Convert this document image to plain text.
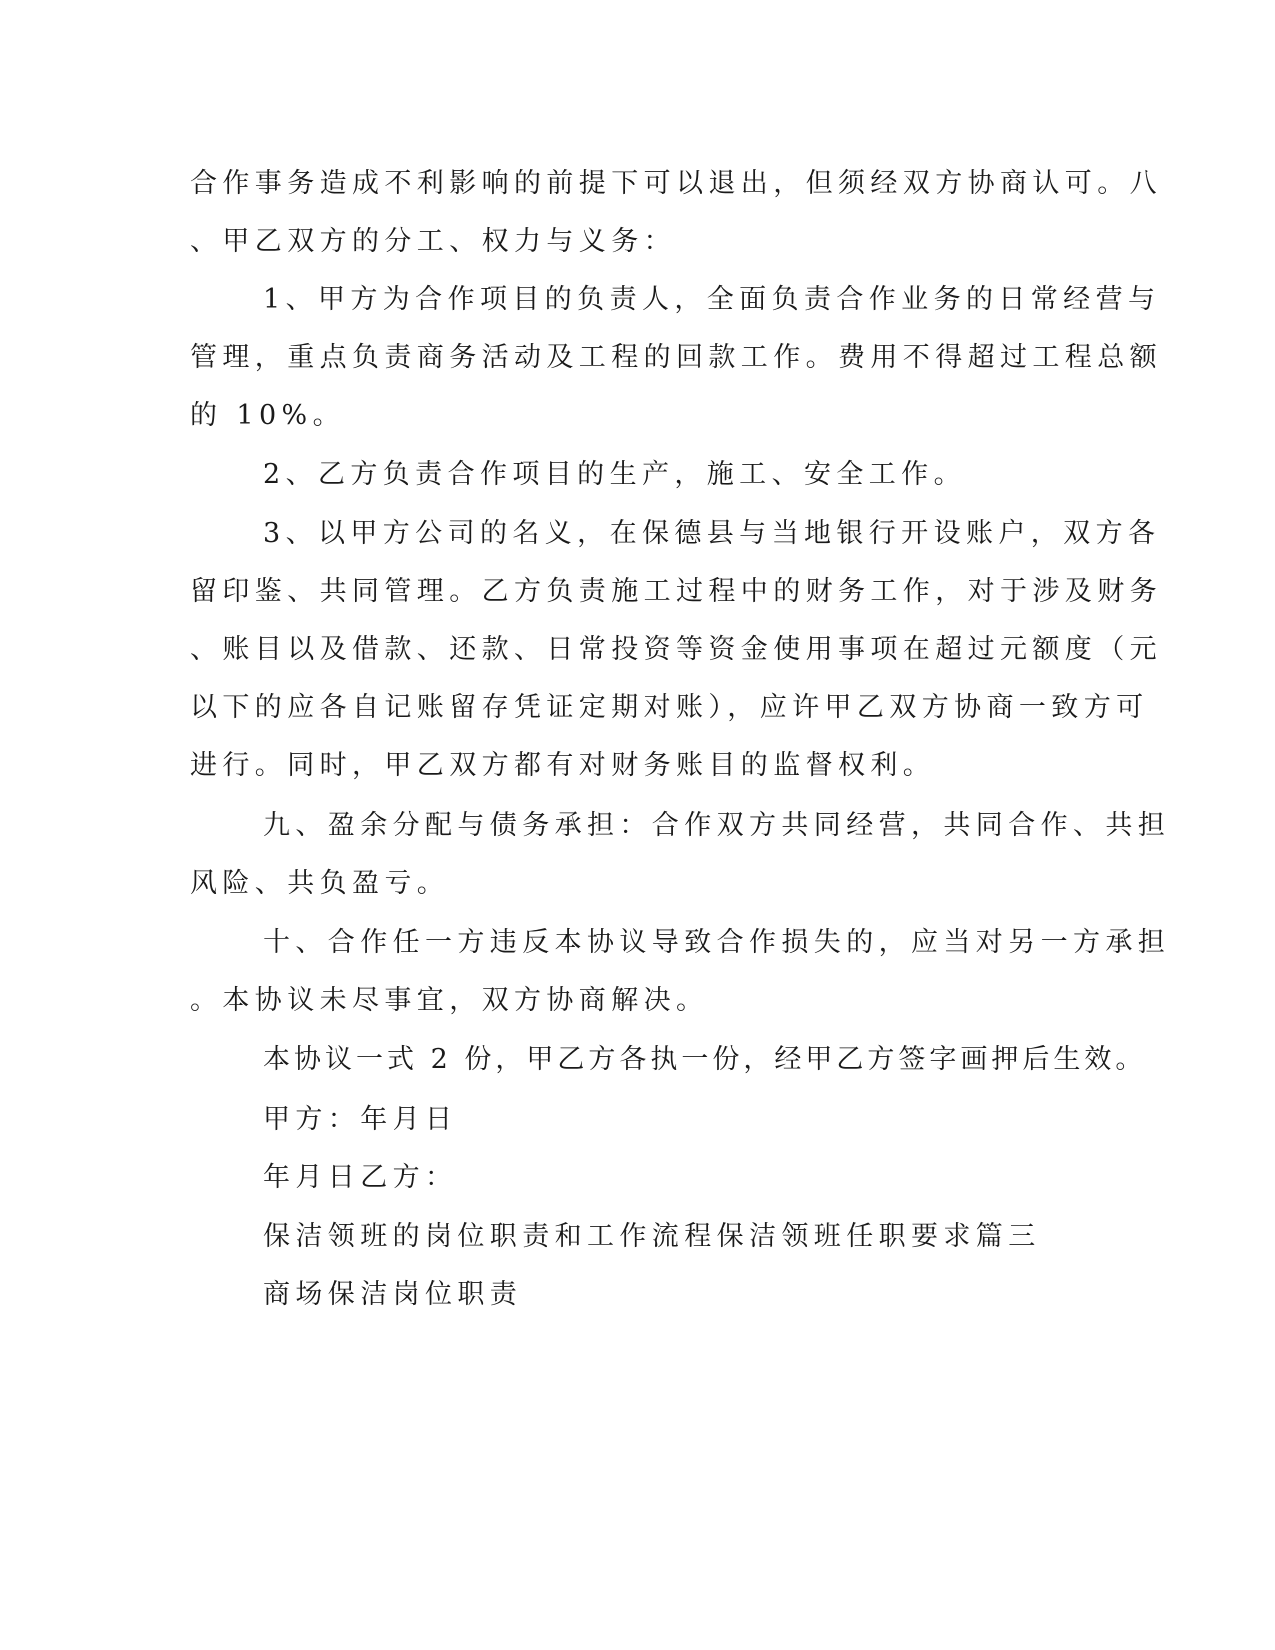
合作事务造成不利影响的前提下可以退出，但须经双方协商认可。八
、甲乙双方的分工、权力与义务：
1、甲方为合作项目的负责人，全面负责合作业务的日常经营与
管理，重点负责商务活动及工程的回款工作。费用不得超过工程总额
的 10%。
2、乙方负责合作项目的生产，施工、安全工作。
3、以甲方公司的名义，在保德县与当地银行开设账户，双方各
留印鉴、共同管理。乙方负责施工过程中的财务工作，对于涉及财务
、账目以及借款、还款、日常投资等资金使用事项在超过元额度（元
以下的应各自记账留存凭证定期对账），应许甲乙双方协商一致方可
进行。同时，甲乙双方都有对财务账目的监督权利。
九、盈余分配与债务承担：合作双方共同经营，共同合作、共担
风险、共负盈亏。
十、合作任一方违反本协议导致合作损失的，应当对另一方承担
。本协议未尽事宜，双方协商解决。
本协议一式 2 份，甲乙方各执一份，经甲乙方签字画押后生效。
甲方：年月日
年月日乙方：
保洁领班的岗位职责和工作流程保洁领班任职要求篇三
商场保洁岗位职责
